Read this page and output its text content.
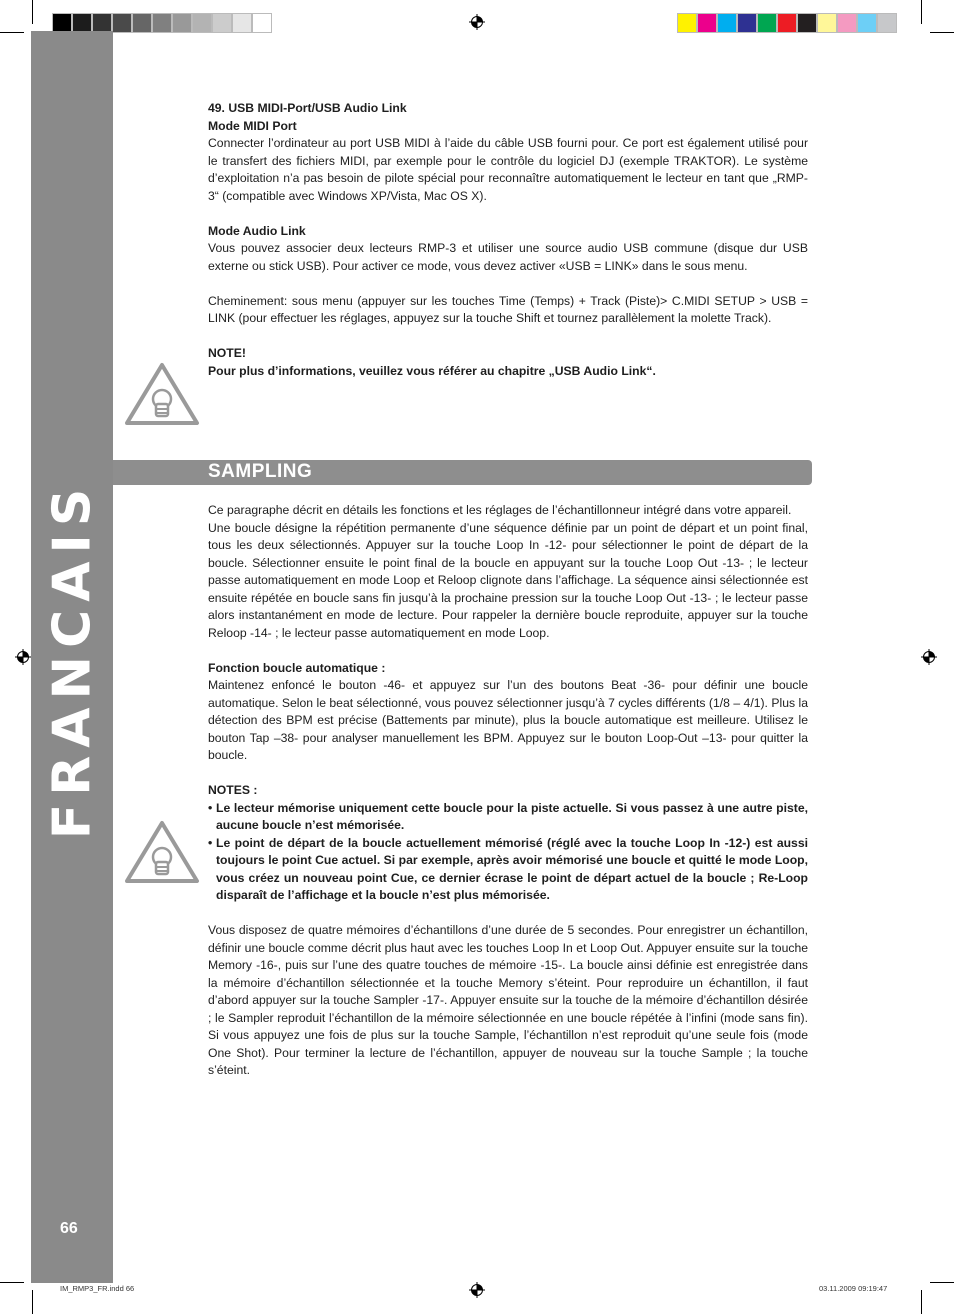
FRANCAIS
66

49. USB MIDI-Port/USB Audio Link

Mode MIDI Port

Connecter l’ordinateur au port USB MIDI à l’aide du câble USB fourni pour. Ce port est également utilisé pour le transfert des fichiers MIDI, par exemple pour le contrôle du logiciel DJ (exemple TRAKTOR). Le système d’exploitation n’a pas besoin de pilote spécial pour reconnaître automatiquement le lecteur en tant que „RMP-3“ (compatible avec Windows XP/Vista, Mac OS X).

Mode Audio Link

Vous pouvez associer deux lecteurs RMP-3 et utiliser une source audio USB commune (disque dur USB externe ou stick USB). Pour activer ce mode, vous devez activer «USB = LINK» dans le sous menu.

Cheminement: sous menu (appuyer sur les touches Time (Temps) + Track (Piste)> C.MIDI SETUP > USB = LINK (pour effectuer les réglages, appuyez sur la touche Shift et tournez parallèlement la molette Track).

NOTE!

Pour plus d’informations, veuillez vous référer au chapitre „USB Audio Link“.

SAMPLING

Ce paragraphe décrit en détails les fonctions et les réglages de l’échantillonneur intégré dans votre appareil.

Une boucle désigne la répétition permanente d’une séquence définie par un point de départ et un point final, tous les deux sélectionnés. Appuyer sur la touche Loop In -12- pour sélectionner le point de départ de la boucle. Sélectionner ensuite le point final de la boucle en appuyant sur la touche Loop Out -13- ; le lecteur passe automatiquement en mode Loop et Reloop clignote dans l’affichage. La séquence ainsi sélectionnée est ensuite répétée en boucle sans fin jusqu’à la prochaine pression sur la touche Loop Out -13- ; le lecteur passe alors instantanément en mode de lecture. Pour rappeler la dernière boucle reproduite, appuyer sur la touche Reloop -14- ; le lecteur passe automatiquement en mode Loop.

Fonction boucle automatique :

Maintenez enfoncé le bouton -46- et appuyez sur l’un des boutons Beat -36- pour définir une boucle automatique. Selon le beat sélectionné, vous pouvez sélectionner jusqu’à 7 cycles différents (1/8 – 4/1). Plus la détection des BPM est précise (Battements par minute), plus la boucle automatique est meilleure. Utilisez le bouton Tap –38- pour analyser manuellement les BPM. Appuyez sur le bouton Loop-Out –13- pour quitter la boucle.

NOTES :

• Le lecteur mémorise uniquement cette boucle pour la piste actuelle. Si vous passez à une autre piste, aucune boucle n’est mémorisée.
• Le point de départ de la boucle actuellement mémorisé (réglé avec la touche Loop In -12-) est aussi toujours le point Cue actuel. Si par exemple, après avoir mémorisé une boucle et quitté le mode Loop, vous créez un nouveau point Cue, ce dernier écrase le point de départ actuel de la boucle ; Re-Loop disparaît de l’affichage et la boucle n’est plus mémorisée.

Vous disposez de quatre mémoires d’échantillons d’une durée de 5 secondes. Pour enregistrer un échantillon, définir une boucle comme décrit plus haut avec les touches Loop In et Loop Out. Appuyer ensuite sur la touche Memory -16-, puis sur l’une des quatre touches de mémoire -15-. La boucle ainsi définie est enregistrée dans la mémoire d’échantillon sélectionnée et la touche Memory s’éteint. Pour reproduire un échantillon, il faut d’abord appuyer sur la touche Sampler -17-. Appuyer ensuite sur la touche de la mémoire d’échantillon désirée ; le Sampler reproduit l’échantillon de la mémoire sélectionnée en une boucle répétée à l’infini (mode sans fin). Si vous appuyez une fois de plus sur la touche Sample, l’échantillon n’est reproduit qu’une seule fois (mode One Shot). Pour terminer la lecture de l’échantillon, appuyer de nouveau sur la touche Sample ; la touche s’éteint.

IM_RMP3_FR.indd 66	03.11.2009 09:19:47
